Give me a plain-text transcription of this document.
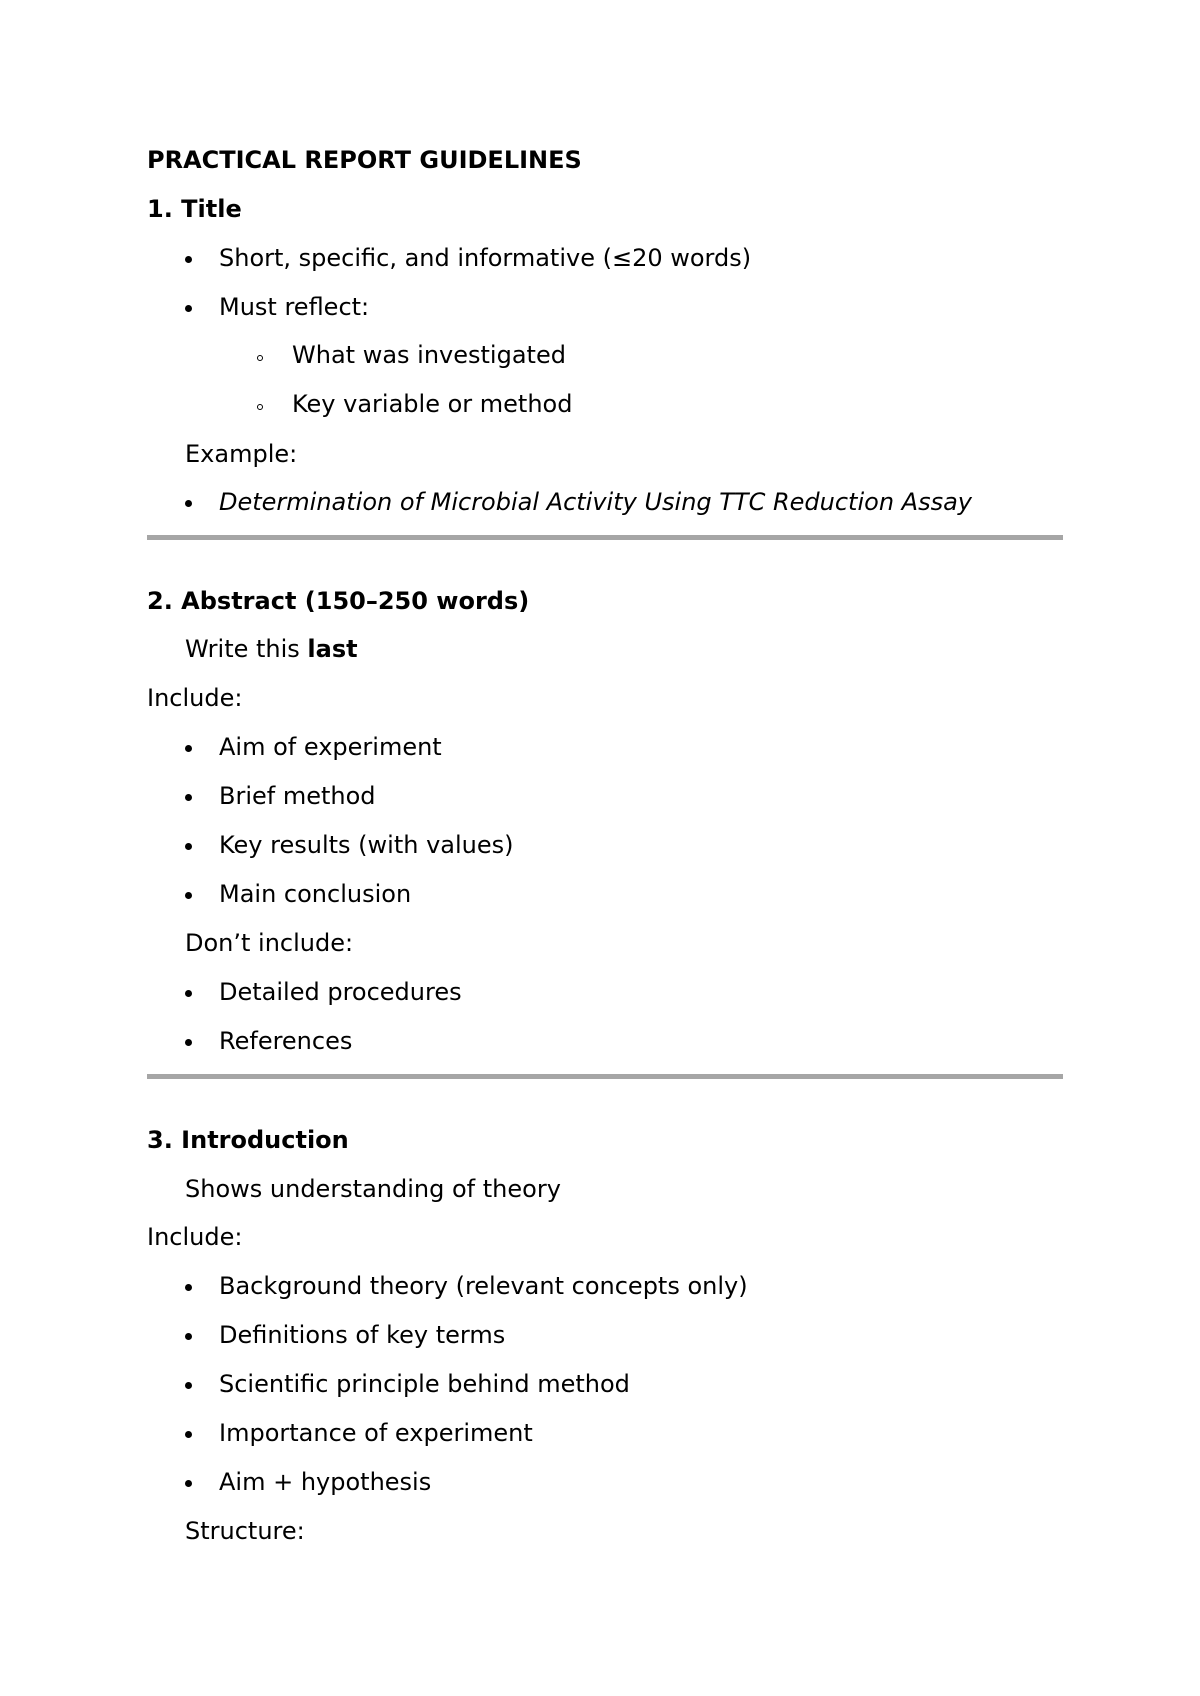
PRACTICAL REPORT GUIDELINES
1. Title
Short, specific, and informative (≤20 words)
Must reflect:
What was investigated
Key variable or method
Example:
Determination of Microbial Activity Using TTC Reduction Assay
2. Abstract (150–250 words)
Write this last
Include:
Aim of experiment
Brief method
Key results (with values)
Main conclusion
Don’t include:
Detailed procedures
References
3. Introduction
Shows understanding of theory
Include:
Background theory (relevant concepts only)
Definitions of key terms
Scientific principle behind method
Importance of experiment
Aim + hypothesis
Structure:
